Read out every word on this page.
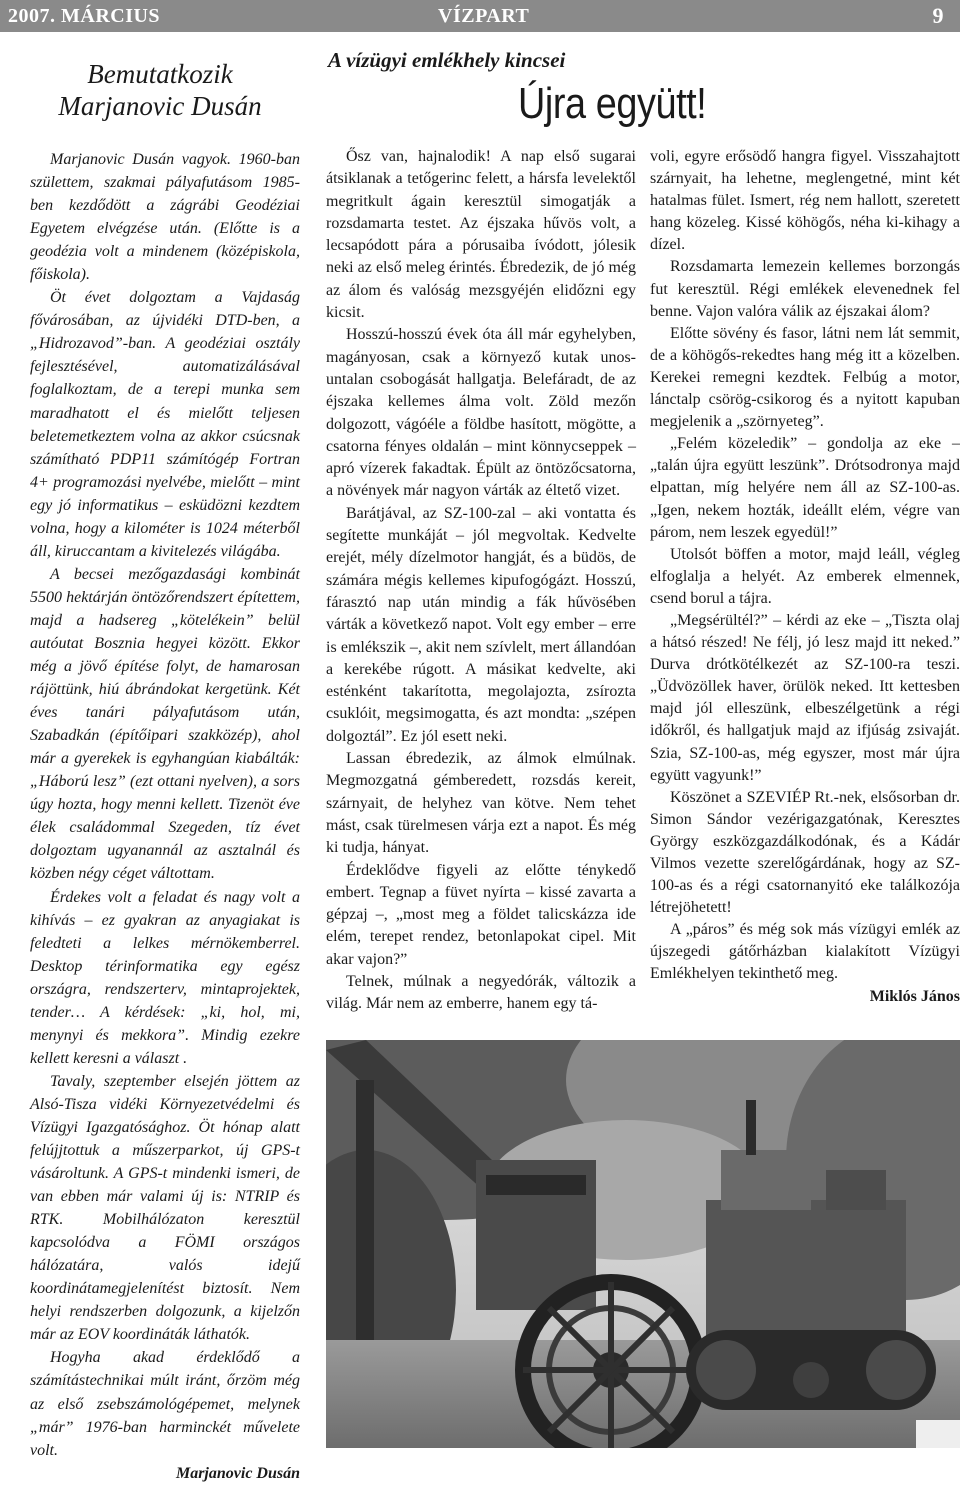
2007. MÁRCIUS	VÍZPART	9
Bemutatkozik
Marjanovic Dusán

Marjanovic Dusán vagyok. 1960-ban születtem, szakmai pályafutásom 1985-ben kezdődött a zágrábi Geodéziai Egyetem elvégzése után. (Előtte is a geodézia volt a mindenem (középiskola, főiskola).

Öt évet dolgoztam a Vajdaság fővárosában, az újvidéki DTD-ben, a „Hidrozavod”-ban. A geodéziai osztály fejlesztésével, automatizálásával foglalkoztam, de a terepi munka sem maradhatott el és mielőtt teljesen beletemetkeztem volna az akkor csúcsnak számítható PDP11 számítógép Fortran 4+ programozási nyelvébe, mielőtt – mint egy jó informatikus – esküdözni kezdtem volna, hogy a kilométer is 1024 méterből áll, kiruccantam a kivitelezés világába.

A becsei mezőgazdasági kombinát 5500 hektárján öntözőrendszert építettem, majd a hadsereg „kötelékein” belül autóutat Bosznia hegyei között. Ekkor még a jövő építése folyt, de hamarosan rájöttünk, hiú ábrándokat kergetünk. Két éves tanári pályafutásom után, Szabadkán (építőipari szakközép), ahol már a gyerekek is egyhangúan kiabálták: „Háború lesz” (ezt ottani nyelven), a sors úgy hozta, hogy menni kellett. Tizenöt éve élek családommal Szegeden, tíz évet dolgoztam ugyanannál az asztalnál és közben négy céget váltottam.

Érdekes volt a feladat és nagy volt a kihívás – ez gyakran az anyagiakat is feledteti a lelkes mérnökemberrel. Desktop térinformatika egy egész országra, rendszerterv, mintaprojektek, tender… A kérdések: „ki, hol, mi, menynyi és mekkora”. Mindig ezekre kellett keresni a választ .

Tavaly, szeptember elsején jöttem az Alsó-Tisza vidéki Környezetvédelmi és Vízügyi Igazgatósághoz. Öt hónap alatt felújjtottuk a műszerparkot, új GPS-t vásároltunk. A GPS-t mindenki ismeri, de van ebben már valami új is: NTRIP és RTK. Mobilhálózaton keresztül kapcsolódva a FÖMI országos hálózatára, valós idejű koordinátamegjelenítést biztosít. Nem helyi rendszerben dolgozunk, a kijelzőn már az EOV koordináták láthatók.

Hogyha akad érdeklődő a számítástechnikai múlt iránt, őrzöm még az első zsebszámológépemet, melynek „már” 1976-ban harminckét művelete volt.

Marjanovic Dusán

A vízügyi emlékhely kincsei
Újra együtt!

Ősz van, hajnalodik! A nap első sugarai átsiklanak a tetőgerinc felett, a hársfa levelektől megritkult ágain keresztül simogatják a rozsdamarta testet. Az éjszaka hűvös volt, a lecsapódott pára a pórusaiba ívódott, jólesik neki az első meleg érintés. Ébredezik, de jó még az álom és valóság mezsgyéjén elidőzni egy kicsit.

Hosszú-hosszú évek óta áll már egyhelyben, magányosan, csak a környező kutak unos-untalan csobogását hallgatja. Belefáradt, de az éjszaka kellemes álma volt. Zöld mezőn dolgozott, vágóéle a földbe hasított, mögötte, a csatorna fényes oldalán – mint könnycseppek – apró vízerek fakadtak. Épült az öntözőcsatorna, a növények már nagyon várták az éltető vizet.

Barátjával, az SZ-100-zal – aki vontatta és segítette munkáját – jól megvoltak. Kedvelte erejét, mély dízelmotor hangját, és a büdös, de számára mégis kellemes kipufogógázt. Hosszú, fárasztó nap után mindig a fák hűvösében várták a következő napot. Volt egy ember – erre is emlékszik –, akit nem szívlelt, mert állandóan a kerekébe rúgott. A másikat kedvelte, aki esténként takarította, megolajozta, zsírozta csuklóit, megsimogatta, és azt mondta: „szépen dolgoztál”. Ez jól esett neki.

Lassan ébredezik, az álmok elmúlnak. Megmozgatná gémberedett, rozsdás kereit, szárnyait, de helyhez van kötve. Nem tehet mást, csak türelmesen várja ezt a napot. És még ki tudja, hányat.

Érdeklődve figyeli az előtte ténykedő embert. Tegnap a füvet nyírta – kissé zavarta a gépzaj –, „most meg a földet talicskázza ide elém, terepet rendez, betonlapokat cipel. Mit akar vajon?”

Telnek, múlnak a negyedórák, változik a világ. Már nem az emberre, hanem egy tá-

voli, egyre erősödő hangra figyel. Visszahajtott szárnyait, ha lehetne, meglengetné, mint két hatalmas fület. Ismert, rég nem hallott, szeretett hang közeleg. Kissé köhögős, néha ki-kihagy a dízel.

Rozsdamarta lemezein kellemes borzongás fut keresztül. Régi emlékek elevenednek fel benne. Vajon valóra válik az éjszakai álom?

Előtte sövény és fasor, látni nem lát semmit, de a köhögős-rekedtes hang még itt a közelben. Kerekei remegni kezdtek. Felbúg a motor, lánctalp csörög-csikorog és a nyitott kapuban megjelenik a „szörnyeteg”.

„Felém közeledik” – gondolja az eke – „talán újra együtt leszünk”. Drótsodronya majd elpattan, míg helyére nem áll az SZ-100-as. „Igen, nekem hozták, ideállt elém, végre van párom, nem leszek egyedül!”

Utolsót böffen a motor, majd leáll, végleg elfoglalja a helyét. Az emberek elmennek, csend borul a tájra.

„Megsérültél?” – kérdi az eke – „Tiszta olaj a hátsó részed! Ne félj, jó lesz majd itt neked.” Durva drótkötélkezét az SZ-100-ra teszi. „Üdvözöllek haver, örülök neked. Itt kettesben majd jól elleszünk, elbeszélgetünk a régi időkről, és hallgatjuk majd az ifjúság zsivaját. Szia, SZ-100-as, még egyszer, most már újra együtt vagyunk!”

Köszönet a SZEVIÉP Rt.-nek, elsősorban dr. Simon Sándor vezérigazgatónak, Keresztes György eszközgazdálkodónak, és a Kádár Vilmos vezette szerelőgárdának, hogy az SZ-100-as és a régi csatornanyitó eke találkozója létrejöhetett!

A „páros” és még sok más vízügyi emlék az újszegedi gátőrházban kialakított Vízügyi Emlékhelyen tekinthető meg.

Miklós János
